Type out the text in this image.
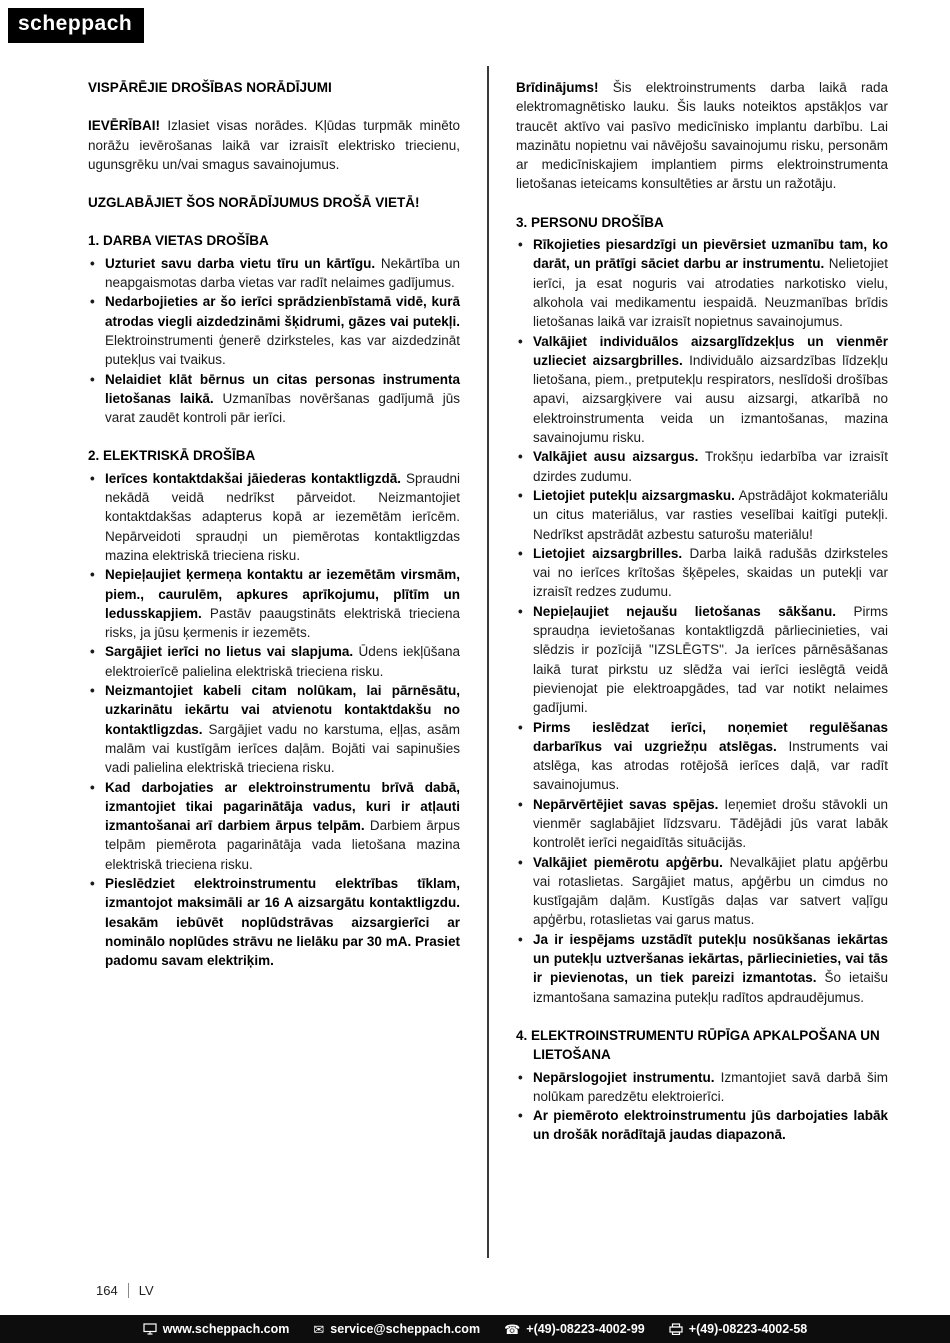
scheppach
VISPĀRĒJIE DROŠĪBAS NORĀDĪJUMI

IEVĒRĪBAI! Izlasiet visas norādes. Kļūdas turpmāk minēto norāžu ievērošanas laikā var izraisīt elektrisko triecienu, ugunsgrēku un/vai smagus savainojumus.

UZGLABĀJIET ŠOS NORĀDĪJUMUS DROŠĀ VIETĀ!
1. DARBA VIETAS DROŠĪBA
• Uzturiet savu darba vietu tīru un kārtīgu. Nekārtība un neapgaismotas darba vietas var radīt nelaimes gadījumus.
• Nedarbojieties ar šo ierīci sprādzienbīstamā vidē, kurā atrodas viegli aizdedzināmi šķidrumi, gāzes vai putekļi. Elektroinstrumenti ģenerē dzirksteles, kas var aizdedzināt putekļus vai tvaikus.
• Nelaidiet klāt bērnus un citas personas instrumenta lietošanas laikā. Uzmanības novēršanas gadījumā jūs varat zaudēt kontroli pār ierīci.
2. ELEKTRISKĀ DROŠĪBA
• Ierīces kontaktdakšai jāiederas kontaktligzdā. Spraudni nekādā veidā nedrīkst pārveidot. Neizmantojiet kontaktdakšas adapterus kopā ar iezemētām ierīcēm. Nepārveidoti spraudņi un piemērotas kontaktligzdas mazina elektriskā trieciena risku.
• Nepieļaujiet ķermeņa kontaktu ar iezemētām virsmām, piem., caurulēm, apkures aprīkojumu, plītīm un ledusskapjiem. Pastāv paaugstināts elektriskā trieciena risks, ja jūsu ķermenis ir iezemēts.
• Sargājiet ierīci no lietus vai slapjuma. Ūdens iekļūšana elektroierīcē palielina elektriskā trieciena risku.
• Neizmantojiet kabeli citam nolūkam, lai pārnēsātu, uzkarinātu iekārtu vai atvienotu kontaktdakšu no kontaktligzdas. Sargājiet vadu no karstuma, eļļas, asām malām vai kustīgām ierīces daļām. Bojāti vai sapinušies vadi palielina elektriskā trieciena risku.
• Kad darbojaties ar elektroinstrumentu brīvā dabā, izmantojiet tikai pagarinātāja vadus, kuri ir atļauti izmantošanai arī darbiem ārpus telpām. Darbiem ārpus telpām piemērota pagarinātāja vada lietošana mazina elektriskā trieciena risku.
• Pieslēdziet elektroinstrumentu elektrības tīklam, izmantojot maksimāli ar 16 A aizsargātu kontaktligzdu. Iesakām iebūvēt noplūdstrāvas aizsargierīci ar nominālo noplūdes strāvu ne lielāku par 30 mA. Prasiet padomu savam elektriķim.

Brīdinājums! Šis elektroinstruments darba laikā rada elektromagnētisko lauku. Šis lauks noteiktos apstākļos var traucēt aktīvo vai pasīvo medicīnisko implantu darbību. Lai mazinātu nopietnu vai nāvējošu savainojumu risku, personām ar medicīniskajiem implantiem pirms elektroinstrumenta lietošanas ieteicams konsultēties ar ārstu un ražotāju.

3. PERSONU DROŠĪBA
• Rīkojieties piesardzīgi un pievērsiet uzmanību tam, ko darāt, un prātīgi sāciet darbu ar instrumentu. Nelietojiet ierīci, ja esat noguris vai atrodaties narkotisko vielu, alkohola vai medikamentu iespaidā. Neuzmanības brīdis lietošanas laikā var izraisīt nopietnus savainojumus.
• Valkājiet individuālos aizsarglīdzekļus un vienmēr uzlieciet aizsargbrilles. Individuālo aizsardzības līdzekļu lietošana, piem., pretputekļu respirators, neslīdoši drošības apavi, aizsargķivere vai ausu aizsargi, atkarībā no elektroinstrumenta veida un izmantošanas, mazina savainojumu risku.
• Valkājiet ausu aizsargus. Trokšņu iedarbība var izraisīt dzirdes zudumu.
• Lietojiet putekļu aizsargmasku. Apstrādājot kokmateriālu un citus materiālus, var rasties veselībai kaitīgi putekļi. Nedrīkst apstrādāt azbestu saturošu materiālu!
• Lietojiet aizsargbrilles. Darba laikā radušās dzirksteles vai no ierīces krītošas šķēpeles, skaidas un putekļi var izraisīt redzes zudumu.
• Nepieļaujiet nejaušu lietošanas sākšanu. Pirms spraudņa ievietošanas kontaktligzdā pārliecinieties, vai slēdzis ir pozīcijā "IZSLĒGTS". Ja ierīces pārnēsāšanas laikā turat pirkstu uz slēdža vai ierīci ieslēgtā veidā pievienojat pie elektroapgādes, tad var notikt nelaimes gadījumi.
• Pirms ieslēdzat ierīci, noņemiet regulēšanas darbarīkus vai uzgriežņu atslēgas. Instruments vai atslēga, kas atrodas rotējošā ierīces daļā, var radīt savainojumus.
• Nepārvērtējiet savas spējas. Ieņemiet drošu stāvokli un vienmēr saglabājiet līdzsvaru. Tādējādi jūs varat labāk kontrolēt ierīci negaidītās situācijās.
• Valkājiet piemērotu apģērbu. Nevalkājiet platu apģērbu vai rotaslietas. Sargājiet matus, apģērbu un cimdus no kustīgajām daļām. Kustīgās daļas var satvert vaļīgu apģērbu, rotaslietas vai garus matus.
• Ja ir iespējams uzstādīt putekļu nosūkšanas iekārtas un putekļu uztveršanas iekārtas, pārliecinieties, vai tās ir pievienotas, un tiek pareizi izmantotas. Šo ietaišu izmantošana samazina putekļu radītos apdraudējumus.
4. ELEKTROINSTRUMENTU RŪPĪGA APKALPOŠANA UN LIETOŠANA
• Nepārslogojiet instrumentu. Izmantojiet savā darbā šim nolūkam paredzētu elektroierīci.
• Ar piemēroto elektroinstrumentu jūs darbojaties labāk un drošāk norādītajā jaudas diapazonā.
164 LV
www.scheppach.com ✉ service@scheppach.com ☎ +(49)-08223-4002-99	+(49)-08223-4002-58
